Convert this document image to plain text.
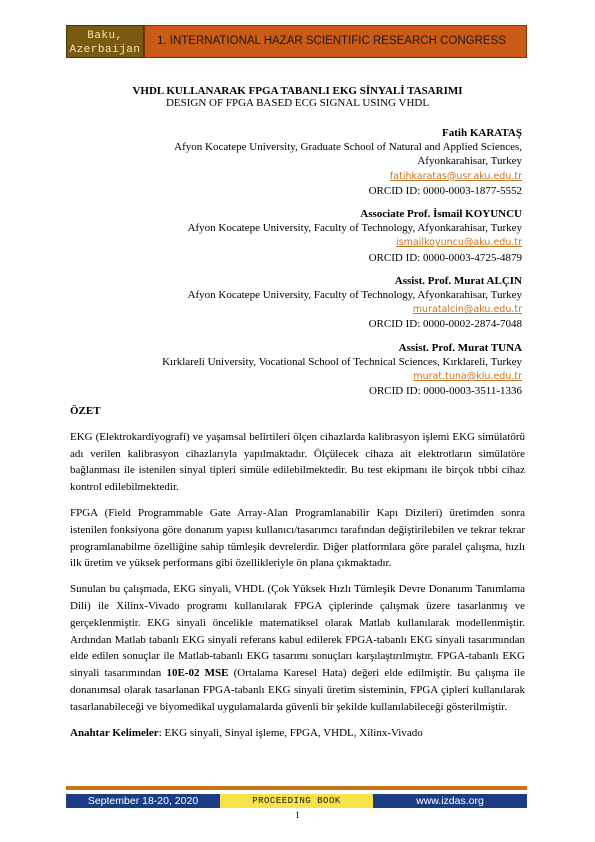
Baku,
Azerbaijan
1. INTERNATIONAL HAZAR SCIENTIFIC RESEARCH CONGRESS
VHDL KULLANARAK FPGA TABANLI EKG SİNYALİ TASARIMI
DESIGN OF FPGA BASED ECG SIGNAL USING VHDL
Fatih KARATAŞ
Afyon Kocatepe University, Graduate School of Natural and Applied Sciences,
Afyonkarahisar, Turkey
fatihkaratas@usr.aku.edu.tr
ORCID ID: 0000-0003-1877-5552
Associate Prof. İsmail KOYUNCU
Afyon Kocatepe University, Faculty of Technology, Afyonkarahisar, Turkey
ismailkoyuncu@aku.edu.tr
ORCID ID: 0000-0003-4725-4879
Assist. Prof. Murat ALÇIN
Afyon Kocatepe University, Faculty of Technology, Afyonkarahisar, Turkey
muratalcin@aku.edu.tr
ORCID ID: 0000-0002-2874-7048
Assist. Prof. Murat TUNA
Kırklareli University, Vocational School of Technical Sciences, Kırklareli, Turkey
murat.tuna@klu.edu.tr
ORCID ID: 0000-0003-3511-1336
ÖZET
EKG (Elektrokardiyografi) ve yaşamsal belirtileri ölçen cihazlarda kalibrasyon işlemi EKG simülatörü adı verilen kalibrasyon cihazlarıyla yapılmaktadır. Ölçülecek cihaza ait elektrotların simülatöre bağlanması ile istenilen sinyal tipleri simüle edilebilmektedir. Bu test ekipmanı ile birçok tıbbi cihaz kontrol edilebilmektedir.
FPGA (Field Programmable Gate Array-Alan Programlanabilir Kapı Dizileri) üretimden sonra istenilen fonksiyona göre donanım yapısı kullanıcı/tasarımcı tarafından değiştirilebilen ve tekrar tekrar programlanabilme özelliğine sahip tümleşik devrelerdir. Diğer platformlara göre paralel çalışma, hızlı ilk üretim ve yüksek performans gibi özellikleriyle ön plana çıkmaktadır.
Sunulan bu çalışmada, EKG sinyali, VHDL (Çok Yüksek Hızlı Tümleşik Devre Donanımı Tanımlama Dili) ile Xilinx-Vivado programı kullanılarak FPGA çiplerinde çalışmak üzere tasarlanmış ve gerçeklenmiştir. EKG sinyali öncelikle matematiksel olarak Matlab kullanılarak modellenmiştir. Ardından Matlab tabanlı EKG sinyali referans kabul edilerek FPGA-tabanlı EKG sinyali tasarımından elde edilen sonuçlar ile Matlab-tabanlı EKG tasarımı sonuçları karşılaştırılmıştır. FPGA-tabanlı EKG sinyali tasarımından 10E-02 MSE (Ortalama Karesel Hata) değeri elde edilmiştir. Bu çalışma ile donanımsal olarak tasarlanan FPGA-tabanlı EKG sinyali üretim sisteminin, FPGA çipleri kullanılarak tasarlanabileceği ve biyomedikal uygulamalarda güvenli bir şekilde kullanılabileceği gösterilmiştir.
Anahtar Kelimeler: EKG sinyali, Sinyal işleme, FPGA, VHDL, Xilinx-Vivado
September 18-20, 2020	PROCEEDING BOOK	www.izdas.org
1
